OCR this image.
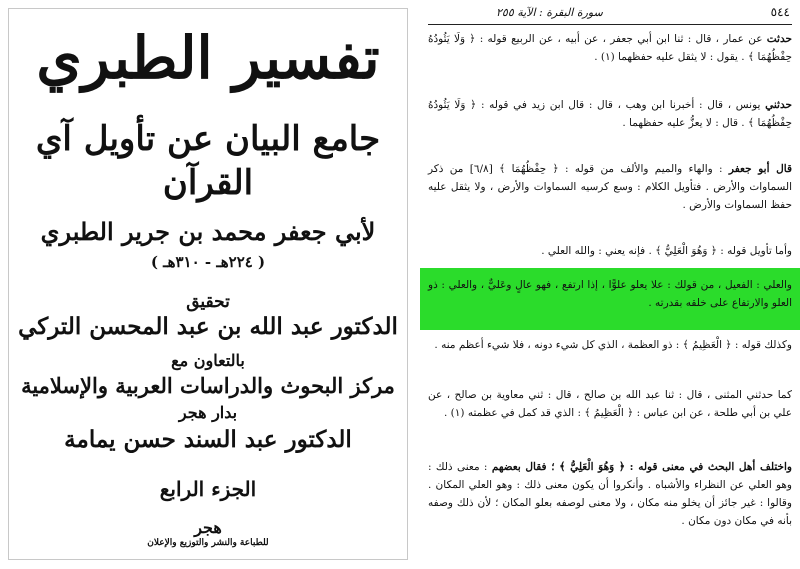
تفسير الطبري
جامع البيان عن تأويل آي القرآن
لأبي جعفر محمد بن جرير الطبري
( ٢٢٤هـ - ٣١٠هـ )
تحقيق
الدكتور عبد الله بن عبد المحسن التركي
بالتعاون مع
مركز البحوث والدراسات العربية والإسلامية
بدار هجر
الدكتور عبد السند حسن يمامة
الجزء الرابع
هجر
للطباعة والنشر والتوزيع والإعلان
٥٤٤
سورة البقرة : الآية ٢٥٥
حدثت عن عمار ، قال : ثنا ابن أبي جعفر ، عن أبيه ، عن الربيع قوله : ﴿ وَلَا يَئُودُهُ حِفْظُهُمَا ﴾ . يقول : لا يثقل عليه حفظهما (١) .
حدثني يونس ، قال : أخبرنا ابن وهب ، قال : قال ابن زيد في قوله : ﴿ وَلَا يَئُودُهُ حِفْظُهُمَا ﴾ . قال : لا يعزُّ عليه حفظهما .
قال أبو جعفر : والهاء والميم والألف من قوله : ﴿ حِفْظُهُمَا ﴾ [٦/٨] من ذكر السماوات والأرض . فتأويل الكلام : وسع كرسيه السماوات والأرض ، ولا يثقل عليه حفظ السماوات والأرض .
وأما تأويل قوله : ﴿ وَهُوَ الْعَلِيُّ ﴾ . فإنه يعني : والله العلي .
والعلي : الفعيل ، من قولك : علا يعلو علوًّا ، إذا ارتفع ، فهو عالٍ وعَليٌّ ، والعلي : ذو العلو والارتفاع على خلقه بقدرته .
وكذلك قوله : ﴿ الْعَظِيمُ ﴾ : ذو العظمة ، الذي كل شيء دونه ، فلا شيء أعظم منه .
كما حدثني المثنى ، قال : ثنا عبد الله بن صالح ، قال : ثني معاوية بن صالح ، عن علي بن أبي طلحة ، عن ابن عباس : ﴿ الْعَظِيمُ ﴾ : الذي قد كمل في عظمته (١) .
واختلف أهل البحث في معنى قوله : ﴿ وَهُوَ الْعَلِيُّ ﴾ ؛ فقال بعضهم : معنى ذلك : وهو العلي عن النظراء والأشباه . وأنكروا أن يكون معنى ذلك : وهو العلي المكان . وقالوا : غير جائز أن يخلو منه مكان ، ولا معنى لوصفه بعلو المكان ؛ لأن ذلك وصفه بأنه في مكان دون مكان .
